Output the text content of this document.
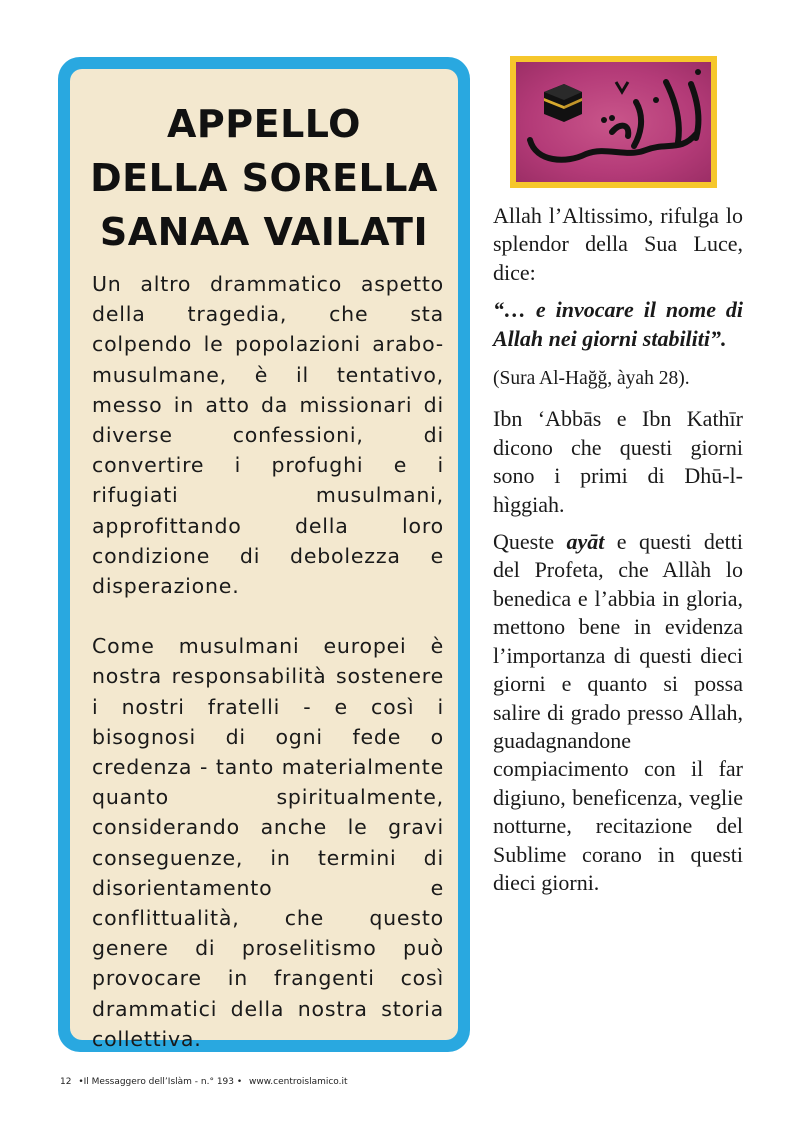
APPELLO
DELLA SORELLA
SANAA VAILATI

Un altro drammatico aspetto della tragedia, che sta colpendo le popolazioni arabo-musulmane, è il tentativo, messo in atto da missionari di diverse confessioni, di convertire i profughi e i rifugiati musulmani, approfittando della loro condizione di debolezza e disperazione.

Come musulmani europei è nostra responsabilità sostenere i nostri fratelli - e così i bisognosi di ogni fede o credenza - tanto materialmente quanto spiritualmente, considerando anche le gravi conseguenze, in termini di disorientamento e conflittualità, che questo genere di proselitismo può provocare in frangenti così drammatici della nostra storia collettiva.

Allah l’Altissimo, rifulga lo splendor della Sua Luce, dice:

“… e invocare il nome di Allah nei giorni stabiliti”.

(Sura Al-Hağğ, àyah 28).

Ibn ‘Abbās e Ibn Kathīr dicono che questi giorni sono i primi di Dhū-l-hìggiah.

Queste ayāt e questi detti del Profeta, che Allàh lo benedica e l’abbia in gloria, mettono bene in evidenza l’importanza di questi dieci giorni e quanto si possa salire di grado presso Allah, guadagnandone compiacimento con il far digiuno, beneficenza, veglie notturne, recitazione del Sublime corano in questi dieci giorni.

12 •Il Messaggero dell’Islàm - n.° 193 • www.centroislamico.it
